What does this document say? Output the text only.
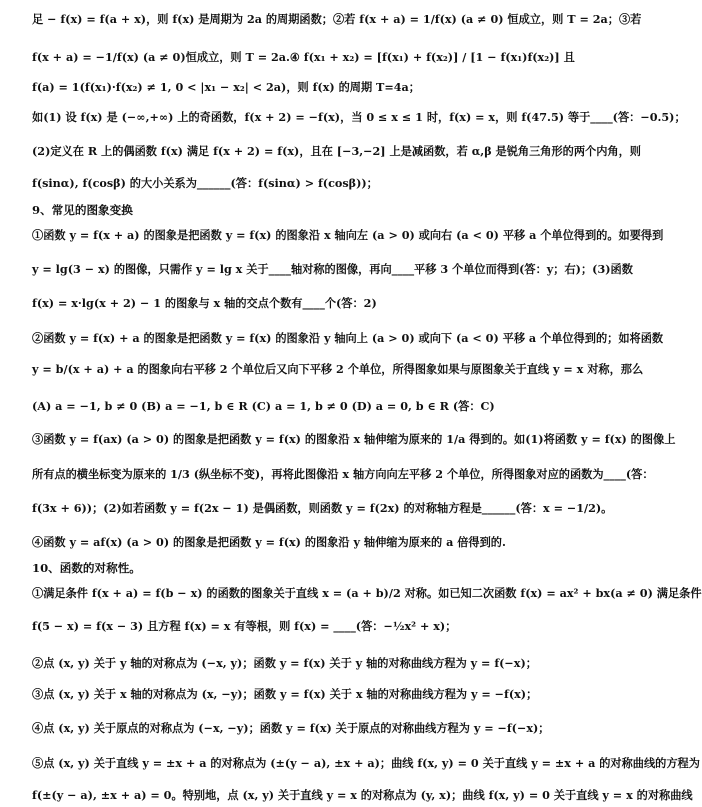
足 − f(x) = f(a + x)，则 f(x) 是周期为 2a 的周期函数；②若 f(x + a) = 1/f(x) (a ≠ 0) 恒成立，则 T = 2a；③若
f(x + a) = −1/f(x) (a ≠ 0)恒成立，则 T = 2a.④ f(x₁ + x₂) = [f(x₁) + f(x₂)] / [1 − f(x₁)f(x₂)] 且
f(a) = 1(f(x₁)·f(x₂) ≠ 1, 0 < |x₁ − x₂| < 2a)，则 f(x) 的周期 T=4a；
如(1) 设 f(x) 是 (−∞,+∞) 上的奇函数，f(x + 2) = −f(x)，当 0 ≤ x ≤ 1 时，f(x) = x，则 f(47.5) 等于____(答：−0.5)；
(2)定义在 R 上的偶函数 f(x) 满足 f(x + 2) = f(x)，且在 [−3,−2] 上是减函数，若 α,β 是锐角三角形的两个内角，则
f(sinα), f(cosβ) 的大小关系为______(答：f(sinα) > f(cosβ))；
9、常见的图象变换
①函数 y = f(x + a) 的图象是把函数 y = f(x) 的图象沿 x 轴向左 (a > 0) 或向右 (a < 0) 平移 a 个单位得到的。如要得到
y = lg(3 − x) 的图像，只需作 y = lg x 关于____轴对称的图像，再向____平移 3 个单位而得到(答：y；右)；(3)函数
f(x) = x·lg(x + 2) − 1 的图象与 x 轴的交点个数有____个(答：2)
②函数 y = f(x) + a 的图象是把函数 y = f(x) 的图象沿 y 轴向上 (a > 0) 或向下 (a < 0) 平移 a 个单位得到的；如将函数
y = b/(x + a) + a 的图象向右平移 2 个单位后又向下平移 2 个单位，所得图象如果与原图象关于直线 y = x 对称，那么
(A) a = −1, b ≠ 0 (B) a = −1, b ∈ R (C) a = 1, b ≠ 0 (D) a = 0, b ∈ R (答：C)
③函数 y = f(ax) (a > 0) 的图象是把函数 y = f(x) 的图象沿 x 轴伸缩为原来的 1/a 得到的。如(1)将函数 y = f(x) 的图像上
所有点的横坐标变为原来的 1/3 (纵坐标不变)，再将此图像沿 x 轴方向向左平移 2 个单位，所得图象对应的函数为____(答：
f(3x + 6))；(2)如若函数 y = f(2x − 1) 是偶函数，则函数 y = f(2x) 的对称轴方程是______(答：x = −1/2)。
④函数 y = af(x) (a > 0) 的图象是把函数 y = f(x) 的图象沿 y 轴伸缩为原来的 a 倍得到的.
10、函数的对称性。
①满足条件 f(x + a) = f(b − x) 的函数的图象关于直线 x = (a + b)/2 对称。如已知二次函数 f(x) = ax² + bx(a ≠ 0) 满足条件
f(5 − x) = f(x − 3) 且方程 f(x) = x 有等根，则 f(x) = ____(答：−½x² + x)；
②点 (x, y) 关于 y 轴的对称点为 (−x, y)；函数 y = f(x) 关于 y 轴的对称曲线方程为 y = f(−x)；
③点 (x, y) 关于 x 轴的对称点为 (x, −y)；函数 y = f(x) 关于 x 轴的对称曲线方程为 y = −f(x)；
④点 (x, y) 关于原点的对称点为 (−x, −y)；函数 y = f(x) 关于原点的对称曲线方程为 y = −f(−x)；
⑤点 (x, y) 关于直线 y = ±x + a 的对称点为 (±(y − a), ±x + a)；曲线 f(x, y) = 0 关于直线 y = ±x + a 的对称曲线的方程为
f(±(y − a), ±x + a) = 0。特别地，点 (x, y) 关于直线 y = x 的对称点为 (y, x)；曲线 f(x, y) = 0 关于直线 y = x 的对称曲线
